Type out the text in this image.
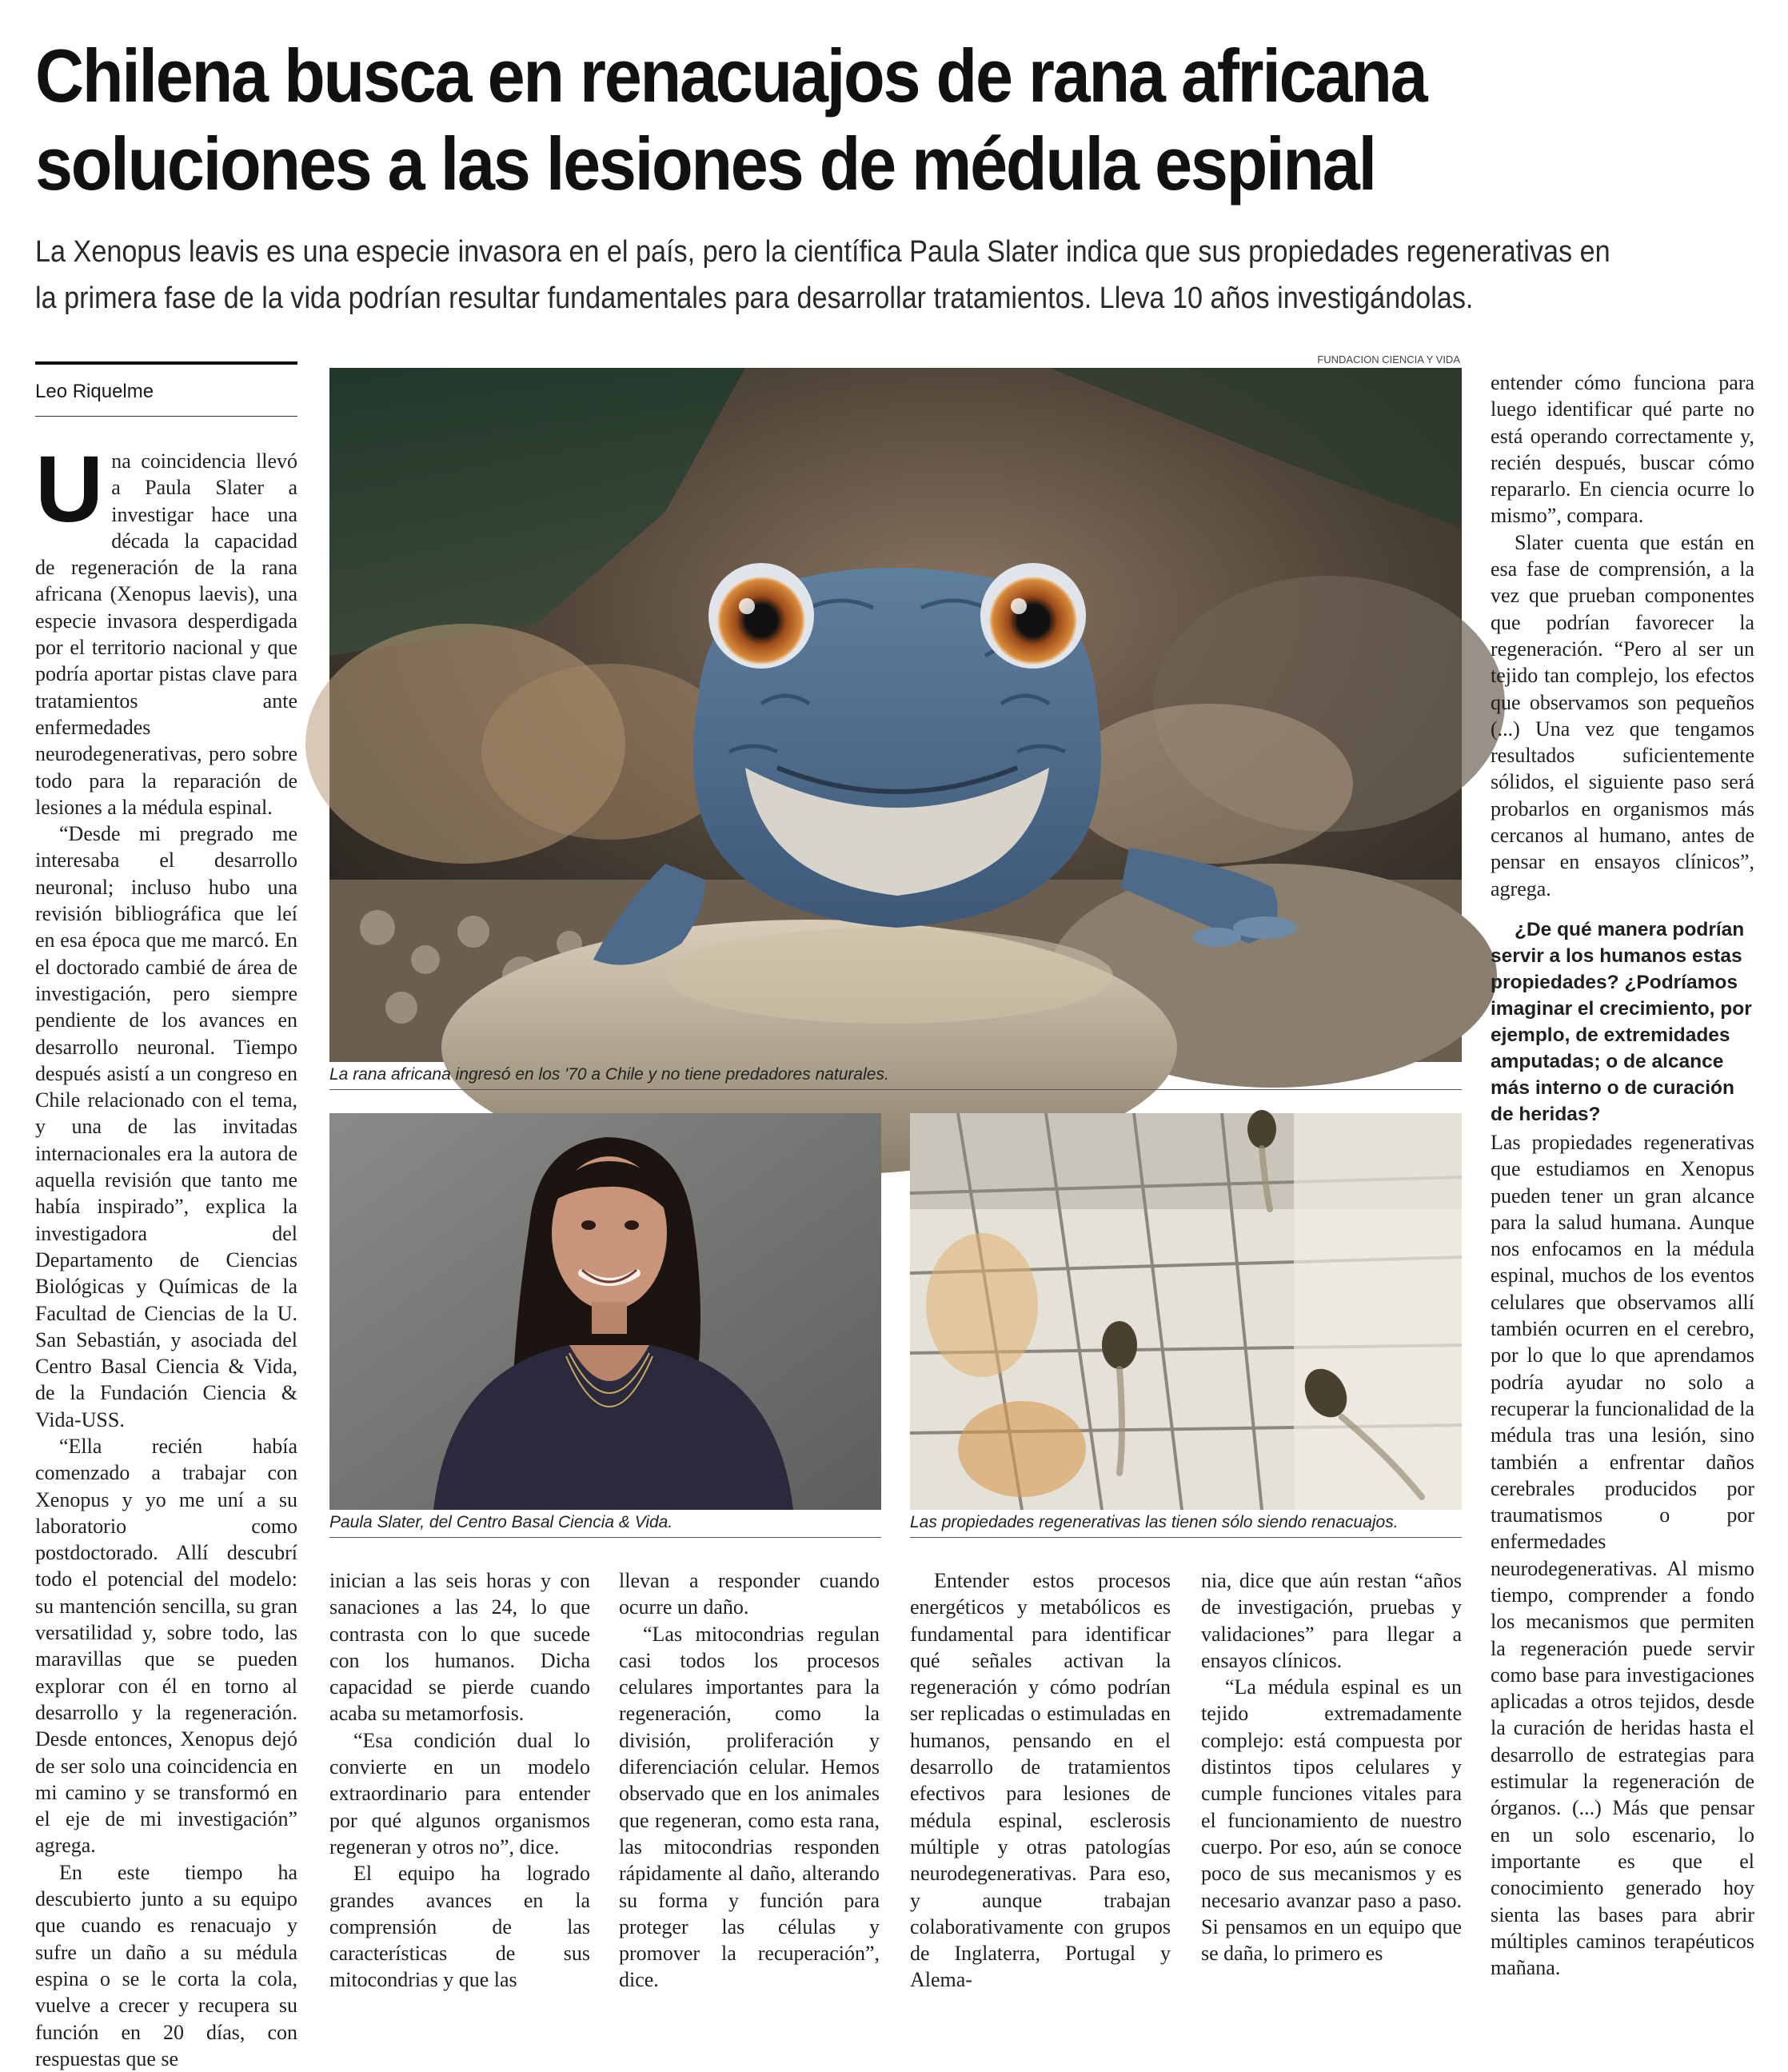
Chilena busca en renacuajos de rana africana
soluciones a las lesiones de médula espinal
La Xenopus leavis es una especie invasora en el país, pero la científica Paula Slater indica que sus propiedades regenerativas en
la primera fase de la vida podrían resultar fundamentales para desarrollar tratamientos. Lleva 10 años investigándolas.
Leo Riquelme

Una coincidencia llevó a Paula Slater a investigar hace una década la capacidad de regeneración de la rana africana (Xenopus laevis), una especie invasora desperdigada por el territorio nacional y que podría aportar pistas clave para tratamientos ante enfermedades neurodegenerativas, pero sobre todo para la reparación de lesiones a la médula espinal.

“Desde mi pregrado me interesaba el desarrollo neuronal; incluso hubo una revisión bibliográfica que leí en esa época que me marcó. En el doctorado cambié de área de investigación, pero siempre pendiente de los avances en desarrollo neuronal. Tiempo después asistí a un congreso en Chile relacionado con el tema, y una de las invitadas internacionales era la autora de aquella revisión que tanto me había inspirado”, explica la investigadora del Departamento de Ciencias Biológicas y Químicas de la Facultad de Ciencias de la U. San Sebastián, y asociada del Centro Basal Ciencia & Vida, de la Fundación Ciencia & Vida-USS.

“Ella recién había comenzado a trabajar con Xenopus y yo me uní a su laboratorio como postdoctorado. Allí descubrí todo el potencial del modelo: su mantención sencilla, su gran versatilidad y, sobre todo, las maravillas que se pueden explorar con él en torno al desarrollo y la regeneración. Desde entonces, Xenopus dejó de ser solo una coincidencia en mi camino y se transformó en el eje de mi investigación” agrega.

En este tiempo ha descubierto junto a su equipo que cuando es renacuajo y sufre un daño a su médula espina o se le corta la cola, vuelve a crecer y recupera su función en 20 días, con respuestas que se

FUNDACION CIENCIA Y VIDA
La rana africana ingresó en los '70 a Chile y no tiene predadores naturales.
Paula Slater, del Centro Basal Ciencia & Vida.	Las propiedades regenerativas las tienen sólo siendo renacuajos.

inician a las seis horas y con sanaciones a las 24, lo que contrasta con lo que sucede con los humanos. Dicha capacidad se pierde cuando acaba su metamorfosis.

“Esa condición dual lo convierte en un modelo extraordinario para entender por qué algunos organismos regeneran y otros no”, dice.

El equipo ha logrado grandes avances en la comprensión de las características de sus mitocondrias y que las

llevan a responder cuando ocurre un daño.

“Las mitocondrias regulan casi todos los procesos celulares importantes para la regeneración, como la división, proliferación y diferenciación celular. Hemos observado que en los animales que regeneran, como esta rana, las mitocondrias responden rápidamente al daño, alterando su forma y función para proteger las células y promover la recuperación”, dice.

Entender estos procesos energéticos y metabólicos es fundamental para identificar qué señales activan la regeneración y cómo podrían ser replicadas o estimuladas en humanos, pensando en el desarrollo de tratamientos efectivos para lesiones de médula espinal, esclerosis múltiple y otras patologías neurodegenerativas. Para eso, y aunque trabajan colaborativamente con grupos de Inglaterra, Portugal y Alema-

nia, dice que aún restan “años de investigación, pruebas y validaciones” para llegar a ensayos clínicos.

“La médula espinal es un tejido extremadamente complejo: está compuesta por distintos tipos celulares y cumple funciones vitales para el funcionamiento de nuestro cuerpo. Por eso, aún se conoce poco de sus mecanismos y es necesario avanzar paso a paso. Si pensamos en un equipo que se daña, lo primero es

entender cómo funciona para luego identificar qué parte no está operando correctamente y, recién después, buscar cómo repararlo. En ciencia ocurre lo mismo”, compara.

Slater cuenta que están en esa fase de comprensión, a la vez que prueban componentes que podrían favorecer la regeneración. “Pero al ser un tejido tan complejo, los efectos que observamos son pequeños (...) Una vez que tengamos resultados suficientemente sólidos, el siguiente paso será probarlos en organismos más cercanos al humano, antes de pensar en ensayos clínicos”, agrega.

¿De qué manera podrían servir a los humanos estas propiedades? ¿Podríamos imaginar el crecimiento, por ejemplo, de extremidades amputadas; o de alcance más interno o de curación de heridas?

Las propiedades regenerativas que estudiamos en Xenopus pueden tener un gran alcance para la salud humana. Aunque nos enfocamos en la médula espinal, muchos de los eventos celulares que observamos allí también ocurren en el cerebro, por lo que lo que aprendamos podría ayudar no solo a recuperar la funcionalidad de la médula tras una lesión, sino también a enfrentar daños cerebrales producidos por traumatismos o por enfermedades neurodegenerativas. Al mismo tiempo, comprender a fondo los mecanismos que permiten la regeneración puede servir como base para investigaciones aplicadas a otros tejidos, desde la curación de heridas hasta el desarrollo de estrategias para estimular la regeneración de órganos. (...) Más que pensar en un solo escenario, lo importante es que el conocimiento generado hoy sienta las bases para abrir múltiples caminos terapéuticos mañana.
